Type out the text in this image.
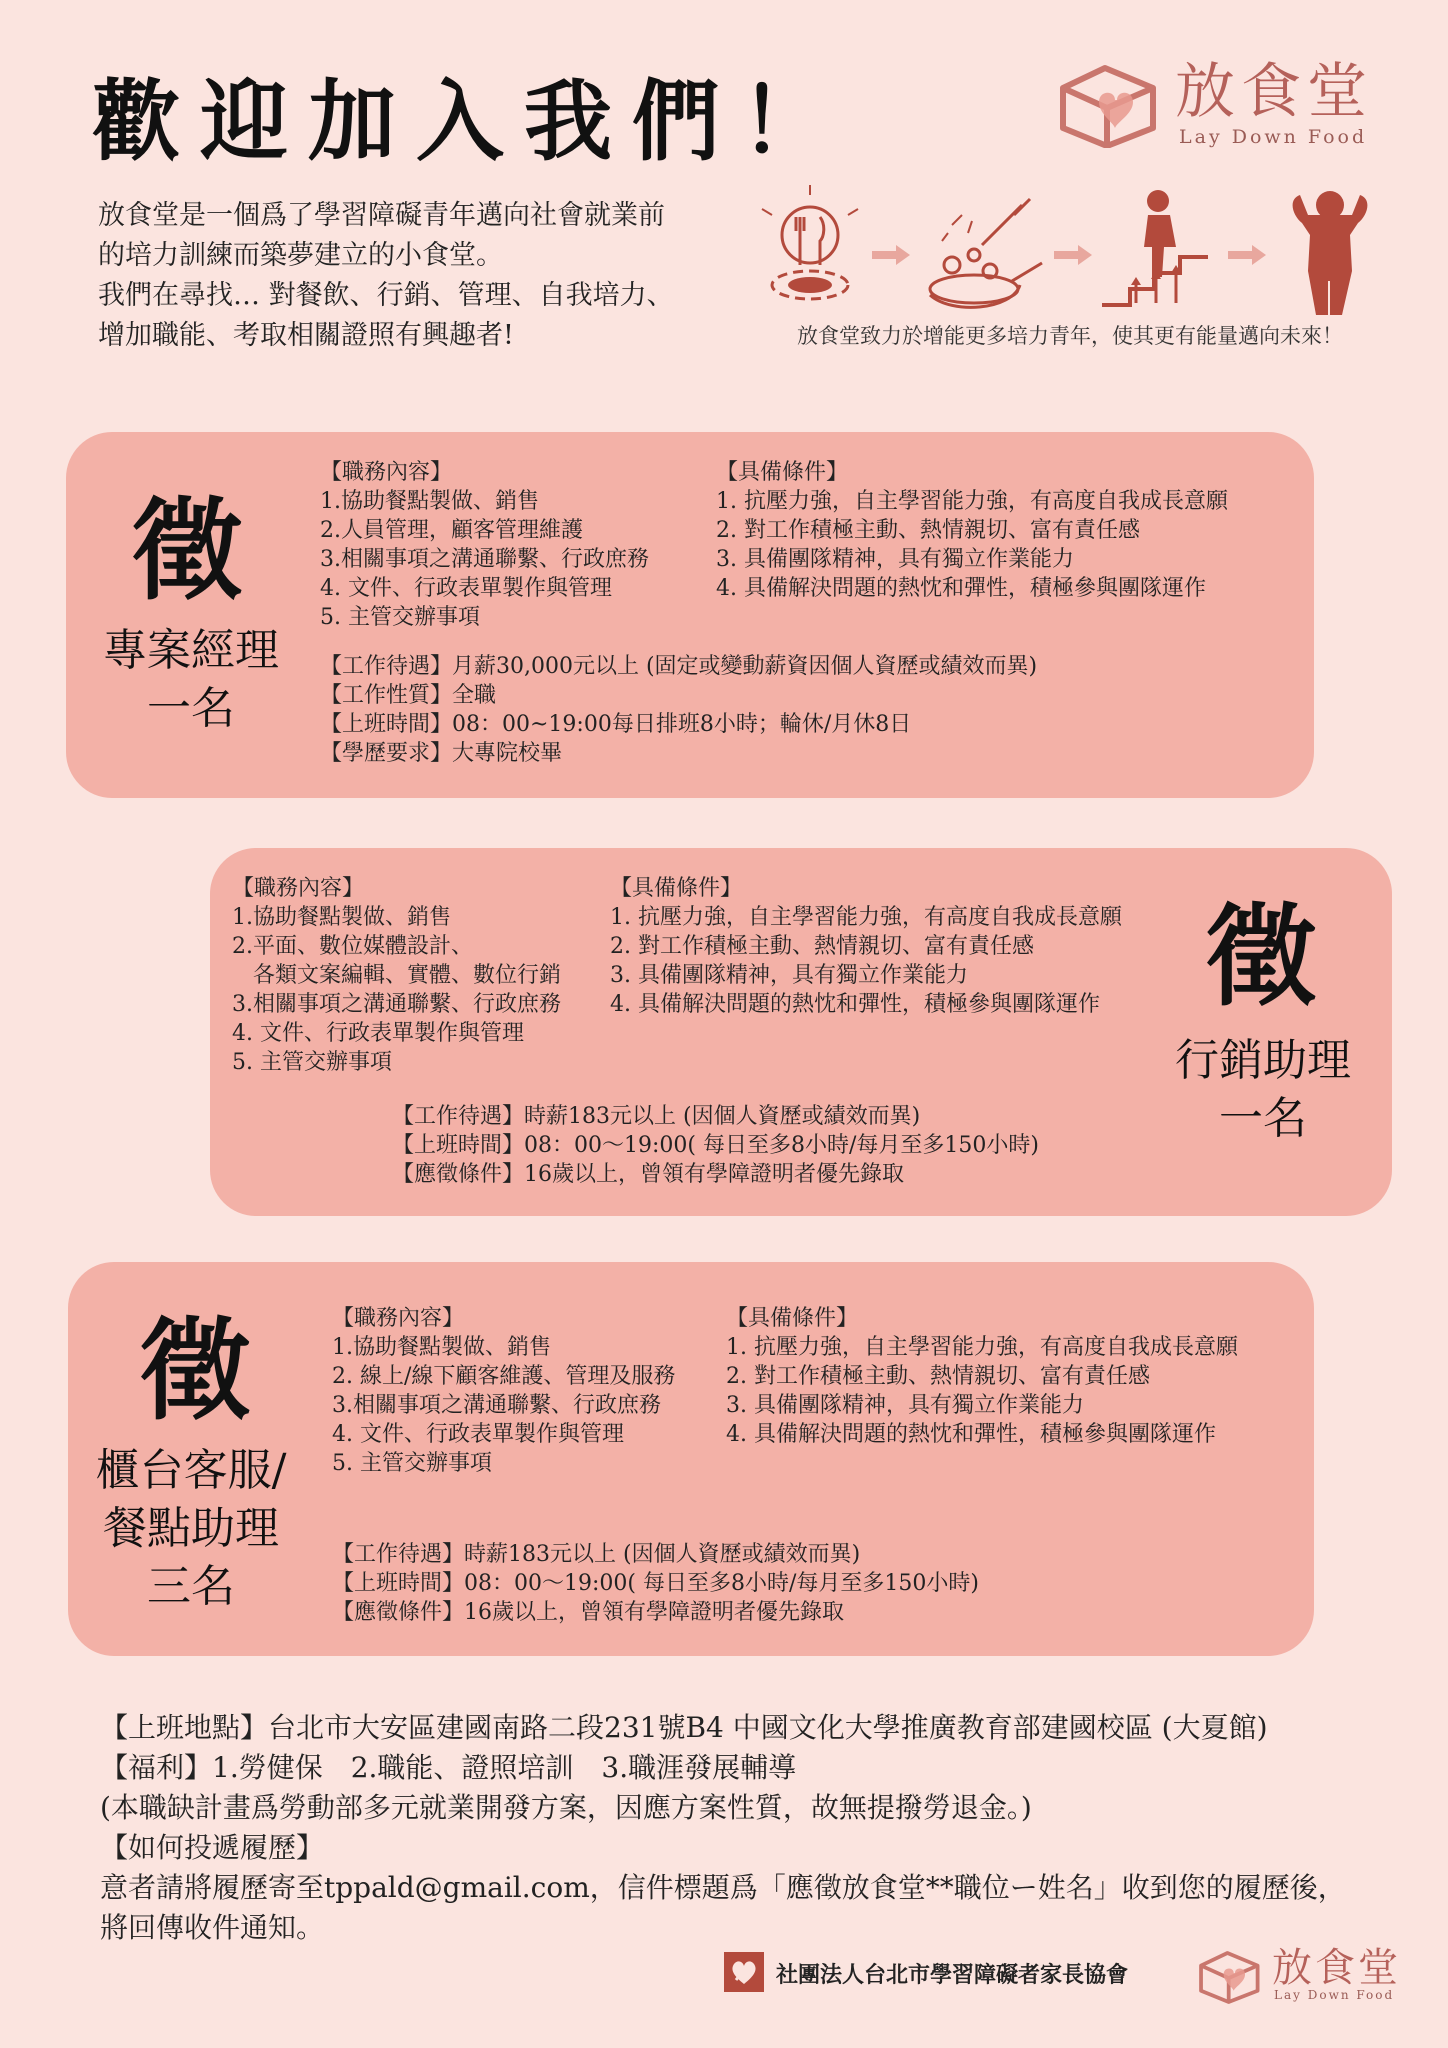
歡迎加入我們！	放食堂
Lay Down Food
放食堂是一個爲了學習障礙青年邁向社會就業前
的培力訓練而築夢建立的小食堂。
我們在尋找… 對餐飲、行銷、管理、自我培力、
增加職能、考取相關證照有興趣者!	放食堂致力於增能更多培力青年，使其更有能量邁向未來！
徵
專案經理
一名
【職務內容】
1.協助餐點製做、銷售
2.人員管理，顧客管理維護
3.相關事項之溝通聯繫、行政庶務
4. 文件、行政表單製作與管理
5. 主管交辦事項
【具備條件】
1. 抗壓力強，自主學習能力強，有高度自我成長意願
2. 對工作積極主動、熱情親切、富有責任感
3. 具備團隊精神，具有獨立作業能力
4. 具備解決問題的熱忱和彈性，積極參與團隊運作
【工作待遇】月薪30,000元以上 (固定或變動薪資因個人資歷或績效而異)
【工作性質】全職
【上班時間】08：00~19:00每日排班8小時；輪休/月休8日
【學歷要求】大專院校畢
【職務內容】
1.協助餐點製做、銷售
2.平面、數位媒體設計、
各類文案編輯、實體、數位行銷
3.相關事項之溝通聯繫、行政庶務
4. 文件、行政表單製作與管理
5. 主管交辦事項
【具備條件】
1. 抗壓力強，自主學習能力強，有高度自我成長意願
2. 對工作積極主動、熱情親切、富有責任感
3. 具備團隊精神，具有獨立作業能力
4. 具備解決問題的熱忱和彈性，積極參與團隊運作 徵
行銷助理
一名
【工作待遇】時薪183元以上 (因個人資歷或績效而異)
【上班時間】08：00～19:00( 每日至多8小時/每月至多150小時)
【應徵條件】16歲以上，曾領有學障證明者優先錄取
徵
櫃台客服/
餐點助理
三名
【職務內容】
1.協助餐點製做、銷售
2. 線上/線下顧客維護、管理及服務
3.相關事項之溝通聯繫、行政庶務
4. 文件、行政表單製作與管理
5. 主管交辦事項
【具備條件】
1. 抗壓力強，自主學習能力強，有高度自我成長意願
2. 對工作積極主動、熱情親切、富有責任感
3. 具備團隊精神，具有獨立作業能力
4. 具備解決問題的熱忱和彈性，積極參與團隊運作
【工作待遇】時薪183元以上 (因個人資歷或績效而異)
【上班時間】08：00～19:00( 每日至多8小時/每月至多150小時)
【應徵條件】16歲以上，曾領有學障證明者優先錄取
【上班地點】台北市大安區建國南路二段231號B4 中國文化大學推廣教育部建國校區 (大夏館)
【福利】1.勞健保　2.職能、證照培訓　3.職涯發展輔導
(本職缺計畫爲勞動部多元就業開發方案，因應方案性質，故無提撥勞退金。)
【如何投遞履歷】
意者請將履歷寄至tppald@gmail.com，信件標題爲「應徵放食堂**職位ー姓名」收到您的履歷後，
將回傳收件通知。
社團法人台北市學習障礙者家長協會	放食堂
Lay Down Food
